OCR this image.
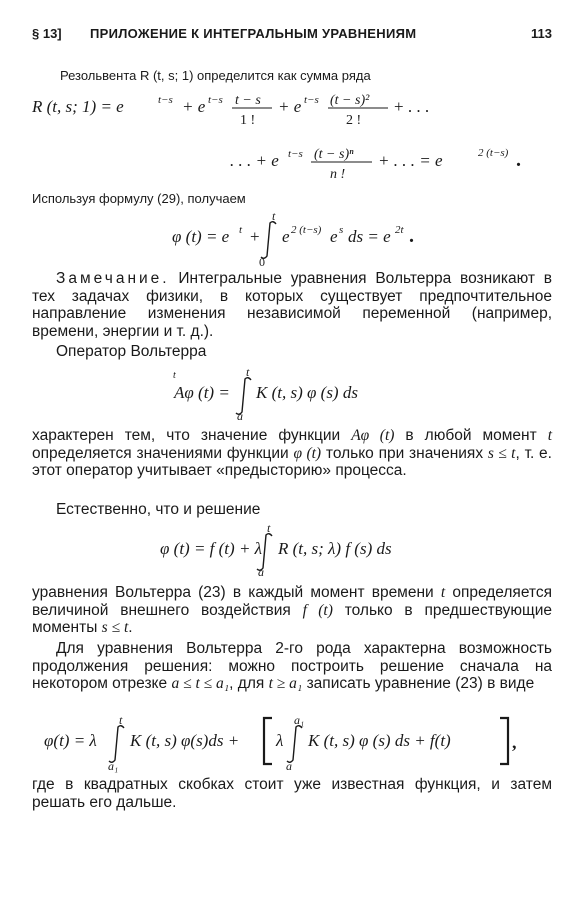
§ 13] ПРИЛОЖЕНИЕ К ИНТЕГРАЛЬНЫМ УРАВНЕНИЯМ	113
Резольвента R (t, s; 1) определится как сумма ряда
R (t, s; 1) = e	t−s + e t−s t − s
1 !
+ e t−s (t − s)²
2 !
+ . . .
. . . + e t−s (t − s)ⁿ
n !
+ . . . = e	2 (t−s) .
Используя формулу (29), получаем
φ (t) = e t +
t
0
e 2 (t−s) e s ds = e 2t .

Замечание. Интегральные уравнения Вольтерра возникают в тех задачах физики, в которых существует предпочтительное направление изменения независимой переменной (например, времени, энергии и т. д.).

Оператор Вольтерра

t
Aφ (t) =
t
a
K (t, s) φ (s) ds

характерен тем, что значение функции Aφ (t) в любой момент t определяется значениями функции φ (t) только при значениях s ≤ t, т. е. этот оператор учитывает «предысторию» процесса.

Естественно, что и решение

φ (t) = f (t) + λ
t
a
R (t, s; λ) f (s) ds

уравнения Вольтерра (23) в каждый момент времени t определяется величиной внешнего воздействия f (t) только в предшествующие моменты s ≤ t.

Для уравнения Вольтерра 2-го рода характерна возможность продолжения решения: можно построить решение сначала на некотором отрезке a ≤ t ≤ a₁, для t ≥ a₁ записать уравнение (23) в виде

φ(t) = λ
t
a₁
K (t, s) φ(s)ds + λ
a₁
a
K (t, s) φ (s) ds + f(t)	,

где в квадратных скобках стоит уже известная функция, и затем решать его дальше.
